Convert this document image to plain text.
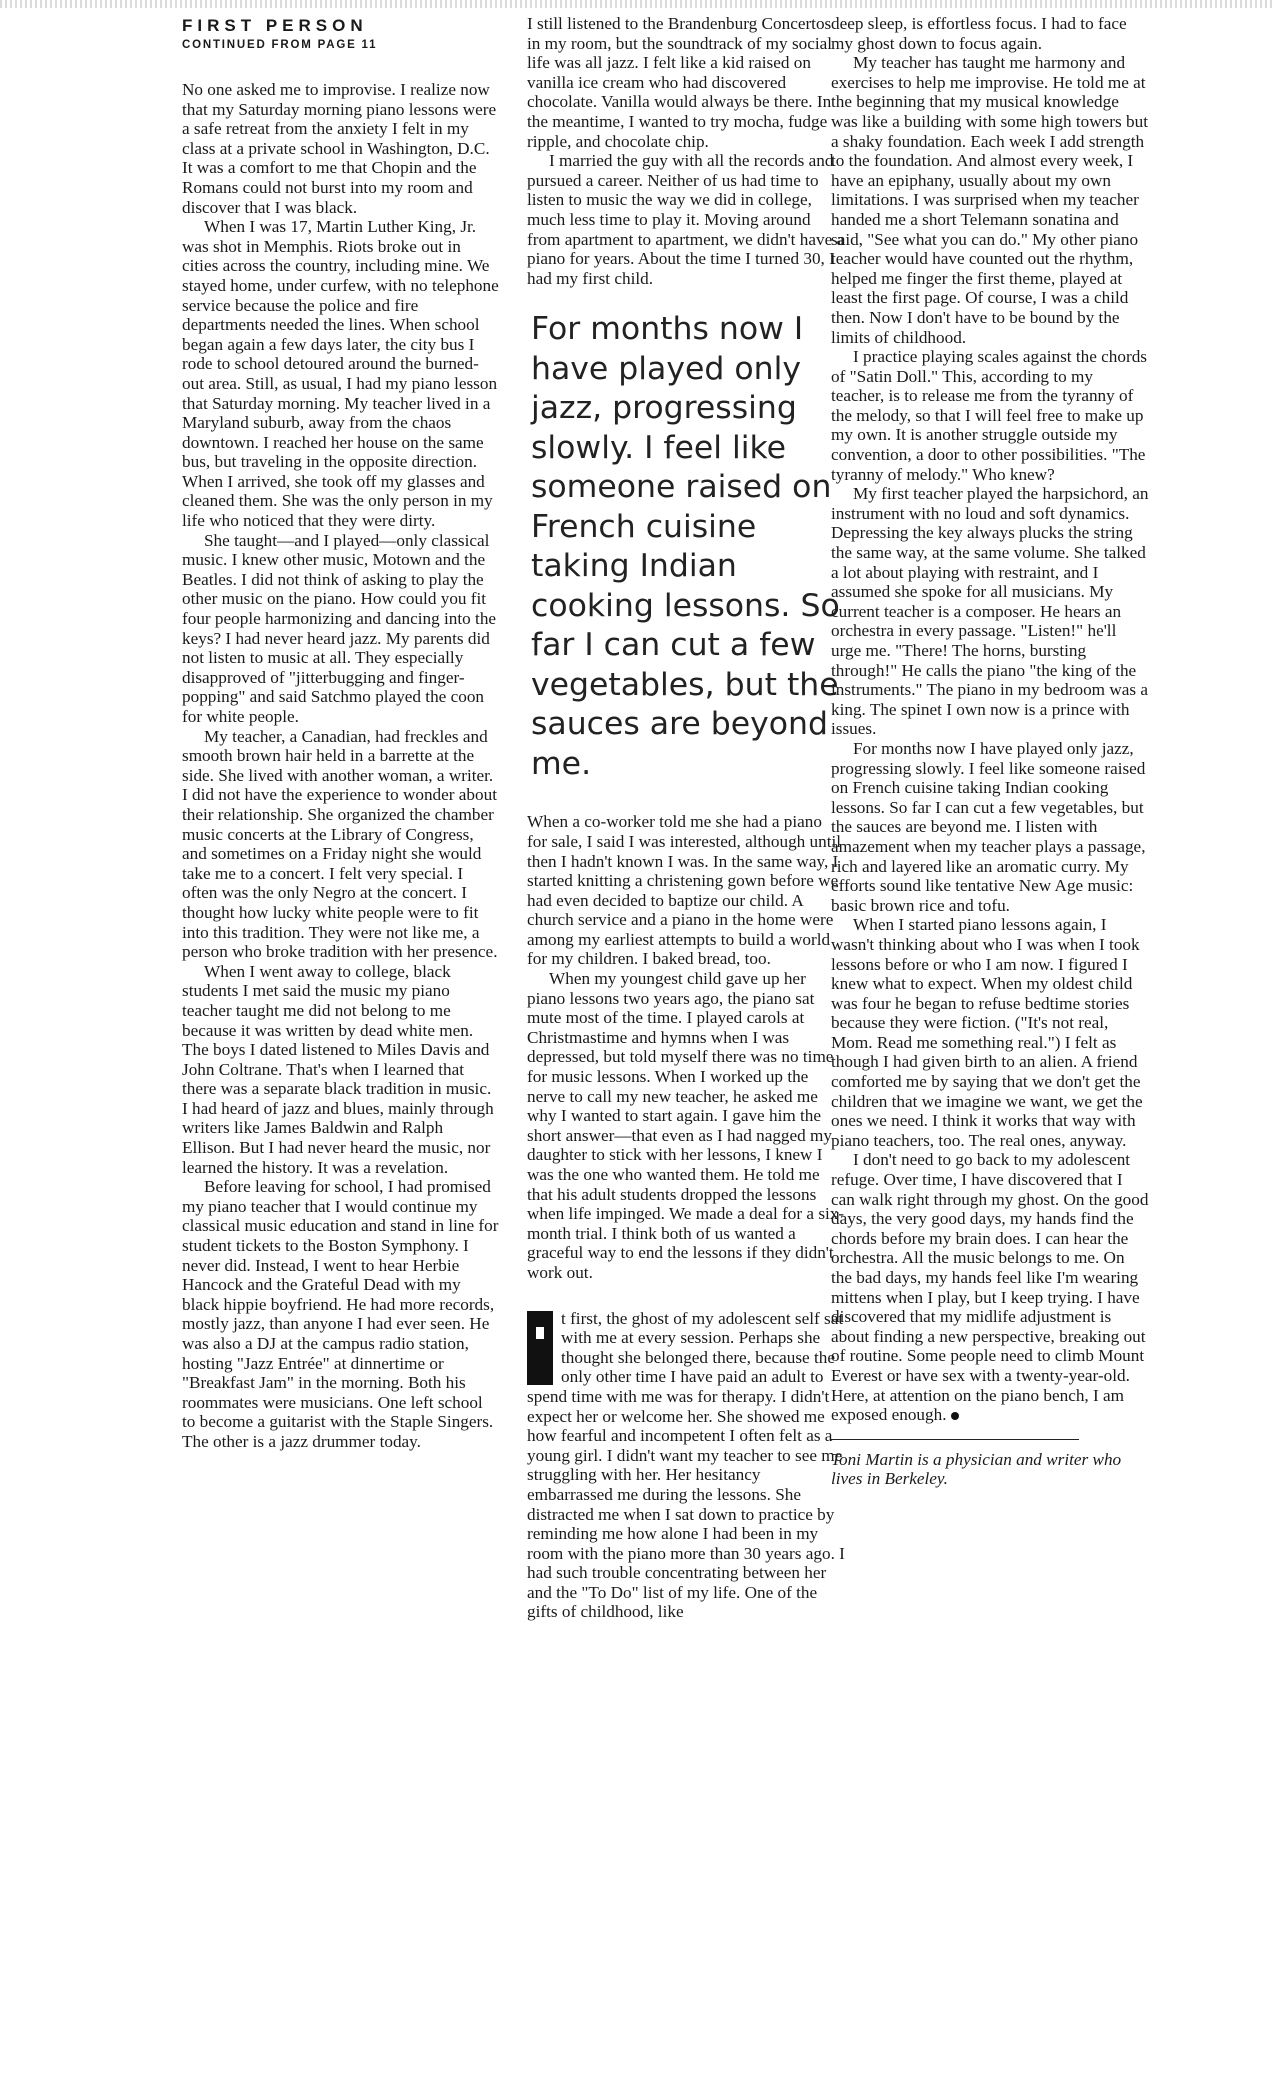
FIRST PERSON
CONTINUED FROM PAGE 11

No one asked me to improvise. I realize now that my Saturday morning piano lessons were a safe retreat from the anxiety I felt in my class at a private school in Washington, D.C. It was a comfort to me that Chopin and the Romans could not burst into my room and discover that I was black.

When I was 17, Martin Luther King, Jr. was shot in Memphis. Riots broke out in cities across the country, including mine. We stayed home, under curfew, with no telephone service because the police and fire departments needed the lines. When school began again a few days later, the city bus I rode to school detoured around the burned-out area. Still, as usual, I had my piano lesson that Saturday morning. My teacher lived in a Maryland suburb, away from the chaos downtown. I reached her house on the same bus, but traveling in the opposite direction. When I arrived, she took off my glasses and cleaned them. She was the only person in my life who noticed that they were dirty.

She taught—and I played—only classical music. I knew other music, Motown and the Beatles. I did not think of asking to play the other music on the piano. How could you fit four people harmonizing and dancing into the keys? I had never heard jazz. My parents did not listen to music at all. They especially disapproved of "jitterbugging and finger-popping" and said Satchmo played the coon for white people.

My teacher, a Canadian, had freckles and smooth brown hair held in a barrette at the side. She lived with another woman, a writer. I did not have the experience to wonder about their relationship. She organized the chamber music concerts at the Library of Congress, and sometimes on a Friday night she would take me to a concert. I felt very special. I often was the only Negro at the concert. I thought how lucky white people were to fit into this tradition. They were not like me, a person who broke tradition with her presence.

When I went away to college, black students I met said the music my piano teacher taught me did not belong to me because it was written by dead white men. The boys I dated listened to Miles Davis and John Coltrane. That's when I learned that there was a separate black tradition in music. I had heard of jazz and blues, mainly through writers like James Baldwin and Ralph Ellison. But I had never heard the music, nor learned the history. It was a revelation.

Before leaving for school, I had promised my piano teacher that I would continue my classical music education and stand in line for student tickets to the Boston Symphony. I never did. Instead, I went to hear Herbie Hancock and the Grateful Dead with my black hippie boyfriend. He had more records, mostly jazz, than anyone I had ever seen. He was also a DJ at the campus radio station, hosting "Jazz Entrée" at dinnertime or "Breakfast Jam" in the morning. Both his roommates were musicians. One left school to become a guitarist with the Staple Singers. The other is a jazz drummer today.

I still listened to the Brandenburg Concertos in my room, but the soundtrack of my social life was all jazz. I felt like a kid raised on vanilla ice cream who had discovered chocolate. Vanilla would always be there. In the meantime, I wanted to try mocha, fudge ripple, and chocolate chip.

I married the guy with all the records and pursued a career. Neither of us had time to listen to music the way we did in college, much less time to play it. Moving around from apartment to apartment, we didn't have a piano for years. About the time I turned 30, I had my first child.

For months now I have played only jazz, progressing slowly. I feel like someone raised on French cuisine taking Indian cooking lessons. So far I can cut a few vegetables, but the sauces are beyond me.

When a co-worker told me she had a piano for sale, I said I was interested, although until then I hadn't known I was. In the same way, I started knitting a christening gown before we had even decided to baptize our child. A church service and a piano in the home were among my earliest attempts to build a world for my children. I baked bread, too.

When my youngest child gave up her piano lessons two years ago, the piano sat mute most of the time. I played carols at Christmastime and hymns when I was depressed, but told myself there was no time for music lessons. When I worked up the nerve to call my new teacher, he asked me why I wanted to start again. I gave him the short answer—that even as I had nagged my daughter to stick with her lessons, I knew I was the one who wanted them. He told me that his adult students dropped the lessons when life impinged. We made a deal for a six-month trial. I think both of us wanted a graceful way to end the lessons if they didn't work out.

t first, the ghost of my adolescent self sat with me at every session. Perhaps she thought she belonged there, because the only other time I have paid an adult to spend time with me was for therapy. I didn't expect her or welcome her. She showed me how fearful and incompetent I often felt as a young girl. I didn't want my teacher to see me struggling with her. Her hesitancy embarrassed me during the lessons. She distracted me when I sat down to practice by reminding me how alone I had been in my room with the piano more than 30 years ago. I had such trouble concentrating between her and the "To Do" list of my life. One of the gifts of childhood, like

deep sleep, is effortless focus. I had to face my ghost down to focus again.

My teacher has taught me harmony and exercises to help me improvise. He told me at the beginning that my musical knowledge was like a building with some high towers but a shaky foundation. Each week I add strength to the foundation. And almost every week, I have an epiphany, usually about my own limitations. I was surprised when my teacher handed me a short Telemann sonatina and said, "See what you can do." My other piano teacher would have counted out the rhythm, helped me finger the first theme, played at least the first page. Of course, I was a child then. Now I don't have to be bound by the limits of childhood.

I practice playing scales against the chords of "Satin Doll." This, according to my teacher, is to release me from the tyranny of the melody, so that I will feel free to make up my own. It is another struggle outside my convention, a door to other possibilities. "The tyranny of melody." Who knew?

My first teacher played the harpsichord, an instrument with no loud and soft dynamics. Depressing the key always plucks the string the same way, at the same volume. She talked a lot about playing with restraint, and I assumed she spoke for all musicians. My current teacher is a composer. He hears an orchestra in every passage. "Listen!" he'll urge me. "There! The horns, bursting through!" He calls the piano "the king of the instruments." The piano in my bedroom was a king. The spinet I own now is a prince with issues.

For months now I have played only jazz, progressing slowly. I feel like someone raised on French cuisine taking Indian cooking lessons. So far I can cut a few vegetables, but the sauces are beyond me. I listen with amazement when my teacher plays a passage, rich and layered like an aromatic curry. My efforts sound like tentative New Age music: basic brown rice and tofu.

When I started piano lessons again, I wasn't thinking about who I was when I took lessons before or who I am now. I figured I knew what to expect. When my oldest child was four he began to refuse bedtime stories because they were fiction. ("It's not real, Mom. Read me something real.") I felt as though I had given birth to an alien. A friend comforted me by saying that we don't get the children that we imagine we want, we get the ones we need. I think it works that way with piano teachers, too. The real ones, anyway.

I don't need to go back to my adolescent refuge. Over time, I have discovered that I can walk right through my ghost. On the good days, the very good days, my hands find the chords before my brain does. I can hear the orchestra. All the music belongs to me. On the bad days, my hands feel like I'm wearing mittens when I play, but I keep trying. I have discovered that my midlife adjustment is about finding a new perspective, breaking out of routine. Some people need to climb Mount Everest or have sex with a twenty-year-old. Here, at attention on the piano bench, I am exposed enough.

Toni Martin is a physician and writer who lives in Berkeley.
